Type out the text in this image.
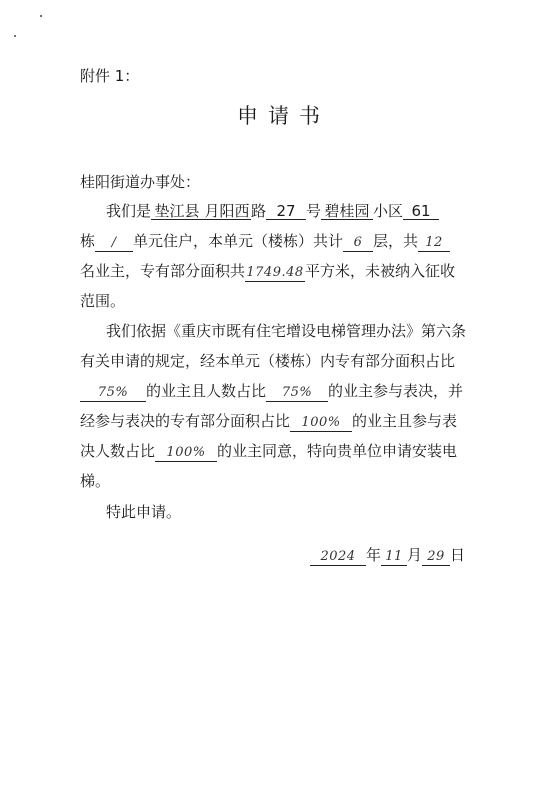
附件 1：
申请书
桂阳街道办事处：
我们是 垫江县 月阳西 路 27 号 碧桂园 小区 61
栋 / 单元住户，本单元（楼栋）共计 6 层，共 12
名业主，专有部分面积共1749.48平方米，未被纳入征收
范围。
我们依据《重庆市既有住宅增设电梯管理办法》第六条
有关申请的规定，经本单元（楼栋）内专有部分面积占比
75% 的业主且人数占比 75% 的业主参与表决，并
经参与表决的专有部分面积占比 100% 的业主且参与表
决人数占比 100% 的业主同意，特向贵单位申请安装电
梯。
特此申请。
2024 年 11 月 29 日
